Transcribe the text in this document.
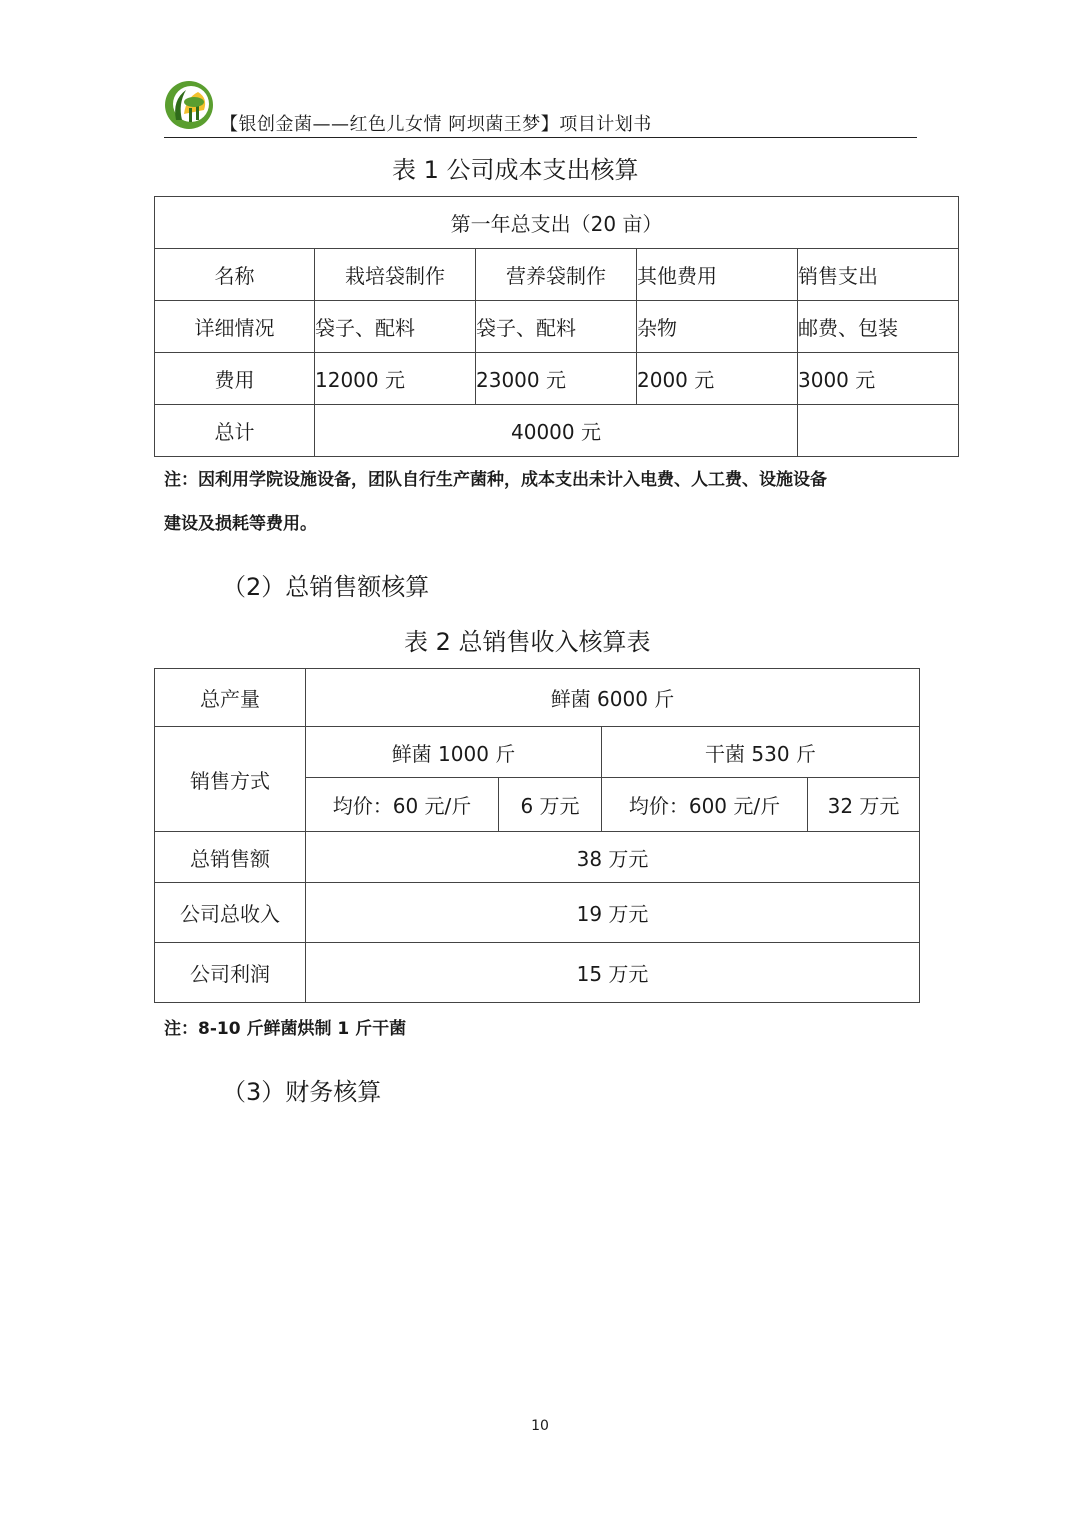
【银创金菌——红色儿女情 阿坝菌王梦】项目计划书
表 1 公司成本支出核算
第一年总支出（20 亩）				
名称	栽培袋制作	营养袋制作	其他费用	销售支出
详细情况	袋子、配料	袋子、配料	杂物	邮费、包装
费用	12000 元	23000 元	2000 元	3000 元
总计	40000 元			
注：因利用学院设施设备，团队自行生产菌种，成本支出未计入电费、人工费、设施设备
建设及损耗等费用。
（2）总销售额核算
表 2 总销售收入核算表
总产量	鲜菌 6000 斤			
销售方式	鲜菌 1000 斤		干菌 530 斤	
	均价：60 元/斤	6 万元	均价：600 元/斤	32 万元
总销售额	38 万元			
公司总收入	19 万元			
公司利润	15 万元			
注：8-10 斤鲜菌烘制 1 斤干菌
（3）财务核算
10
